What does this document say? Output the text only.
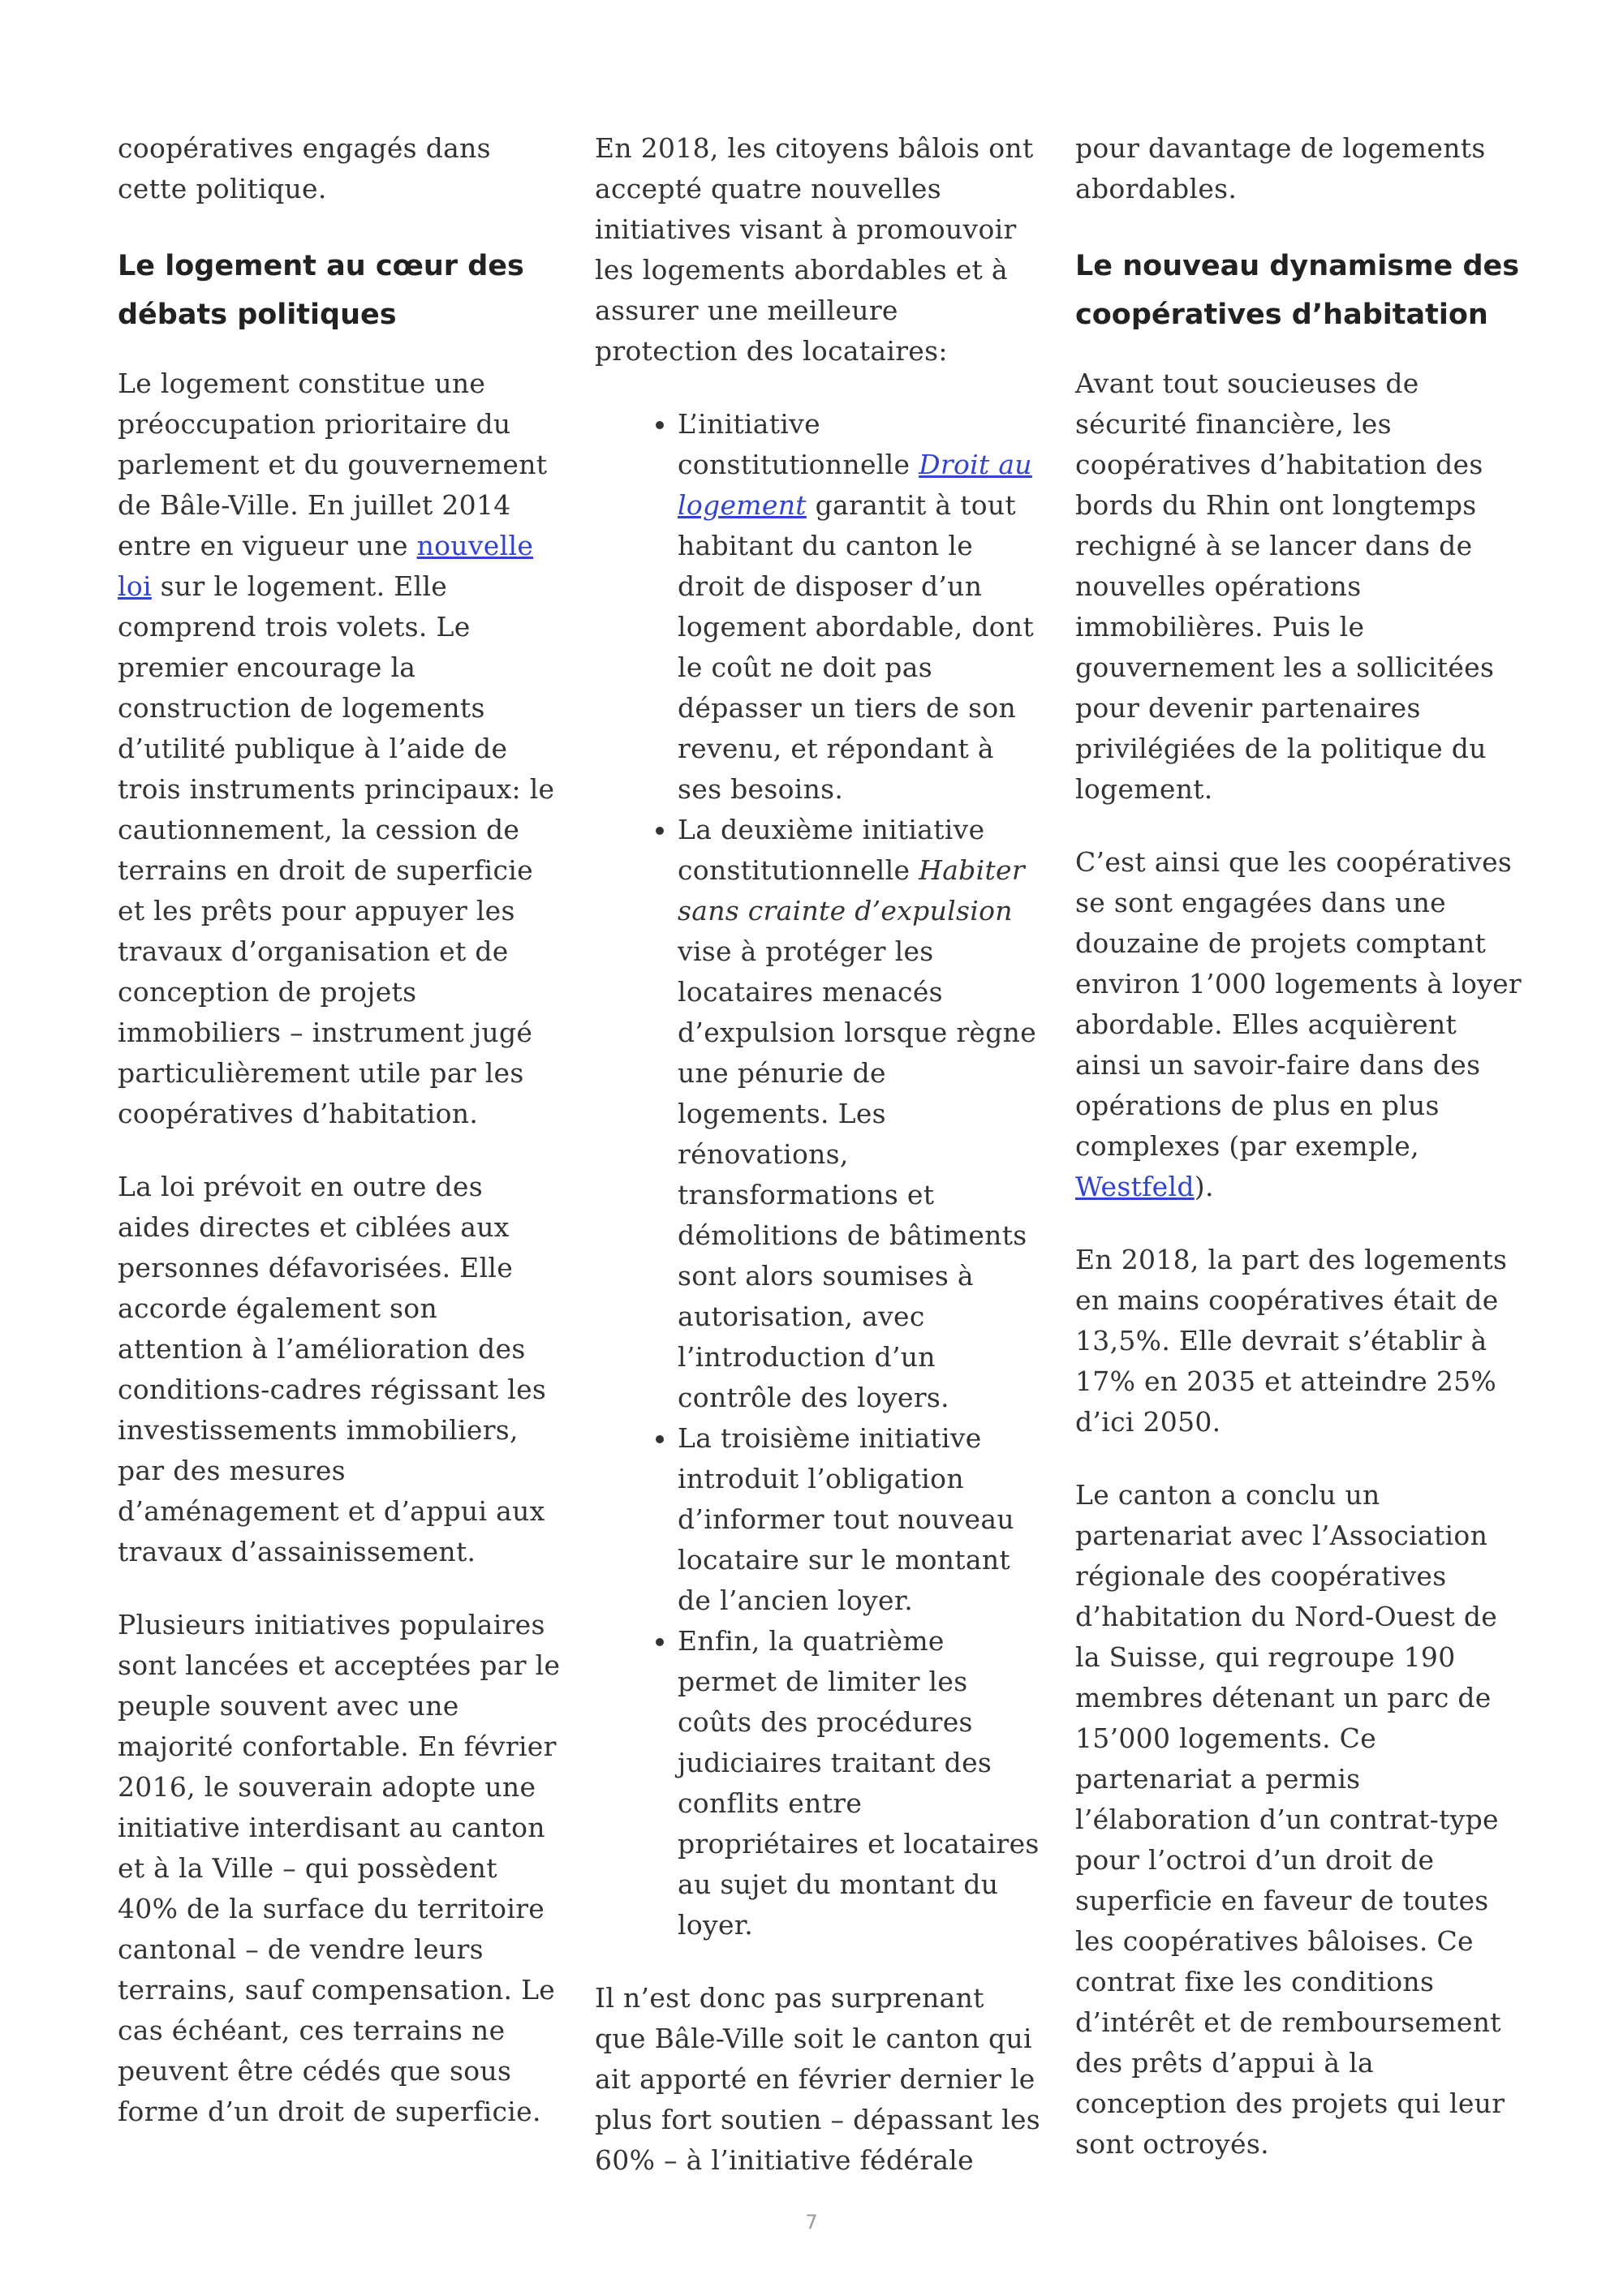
coopératives engagés dans cette politique.

Le logement au cœur des débats politiques

Le logement constitue une préoccupation prioritaire du parlement et du gouvernement de Bâle-Ville. En juillet 2014 entre en vigueur une nouvelle loi sur le logement. Elle comprend trois volets. Le premier encourage la construction de logements d’utilité publique à l’aide de trois instruments principaux: le cautionnement, la cession de terrains en droit de superficie et les prêts pour appuyer les travaux d’organisation et de conception de projets immobiliers – instrument jugé particulièrement utile par les coopératives d’habitation.

La loi prévoit en outre des aides directes et ciblées aux personnes défavorisées. Elle accorde également son attention à l’amélioration des conditions-cadres régissant les investissements immobiliers, par des mesures d’aménagement et d’appui aux travaux d’assainissement.

Plusieurs initiatives populaires sont lancées et acceptées par le peuple souvent avec une majorité confortable. En février 2016, le souverain adopte une initiative interdisant au canton et à la Ville – qui possèdent 40% de la surface du territoire cantonal – de vendre leurs terrains, sauf compensation. Le cas échéant, ces terrains ne peuvent être cédés que sous forme d’un droit de superficie.

En 2018, les citoyens bâlois ont accepté quatre nouvelles initiatives visant à promouvoir les logements abordables et à assurer une meilleure protection des locataires:

• L’initiative constitutionnelle Droit au logement garantit à tout habitant du canton le droit de disposer d’un logement abordable, dont le coût ne doit pas dépasser un tiers de son revenu, et répondant à ses besoins.
• La deuxième initiative constitutionnelle Habiter sans crainte d’expulsion vise à protéger les locataires menacés d’expulsion lorsque règne une pénurie de logements. Les rénovations, transformations et démolitions de bâtiments sont alors soumises à autorisation, avec l’introduction d’un contrôle des loyers.
• La troisième initiative introduit l’obligation d’informer tout nouveau locataire sur le montant de l’ancien loyer.
• Enfin, la quatrième permet de limiter les coûts des procédures judiciaires traitant des conflits entre propriétaires et locataires au sujet du montant du loyer.

Il n’est donc pas surprenant que Bâle-Ville soit le canton qui ait apporté en février dernier le plus fort soutien – dépassant les 60% – à l’initiative fédérale

pour davantage de logements abordables.

Le nouveau dynamisme des coopératives d’habitation

Avant tout soucieuses de sécurité financière, les coopératives d’habitation des bords du Rhin ont longtemps rechigné à se lancer dans de nouvelles opérations immobilières. Puis le gouvernement les a sollicitées pour devenir partenaires privilégiées de la politique du logement.

C’est ainsi que les coopératives se sont engagées dans une douzaine de projets comptant environ 1’000 logements à loyer abordable. Elles acquièrent ainsi un savoir-faire dans des opérations de plus en plus complexes (par exemple, Westfeld).

En 2018, la part des logements en mains coopératives était de 13,5%. Elle devrait s’établir à 17% en 2035 et atteindre 25% d’ici 2050.

Le canton a conclu un partenariat avec l’Association régionale des coopératives d’habitation du Nord-Ouest de la Suisse, qui regroupe 190 membres détenant un parc de 15’000 logements. Ce partenariat a permis l’élaboration d’un contrat-type pour l’octroi d’un droit de superficie en faveur de toutes les coopératives bâloises. Ce contrat fixe les conditions d’intérêt et de remboursement des prêts d’appui à la conception des projets qui leur sont octroyés.

7
